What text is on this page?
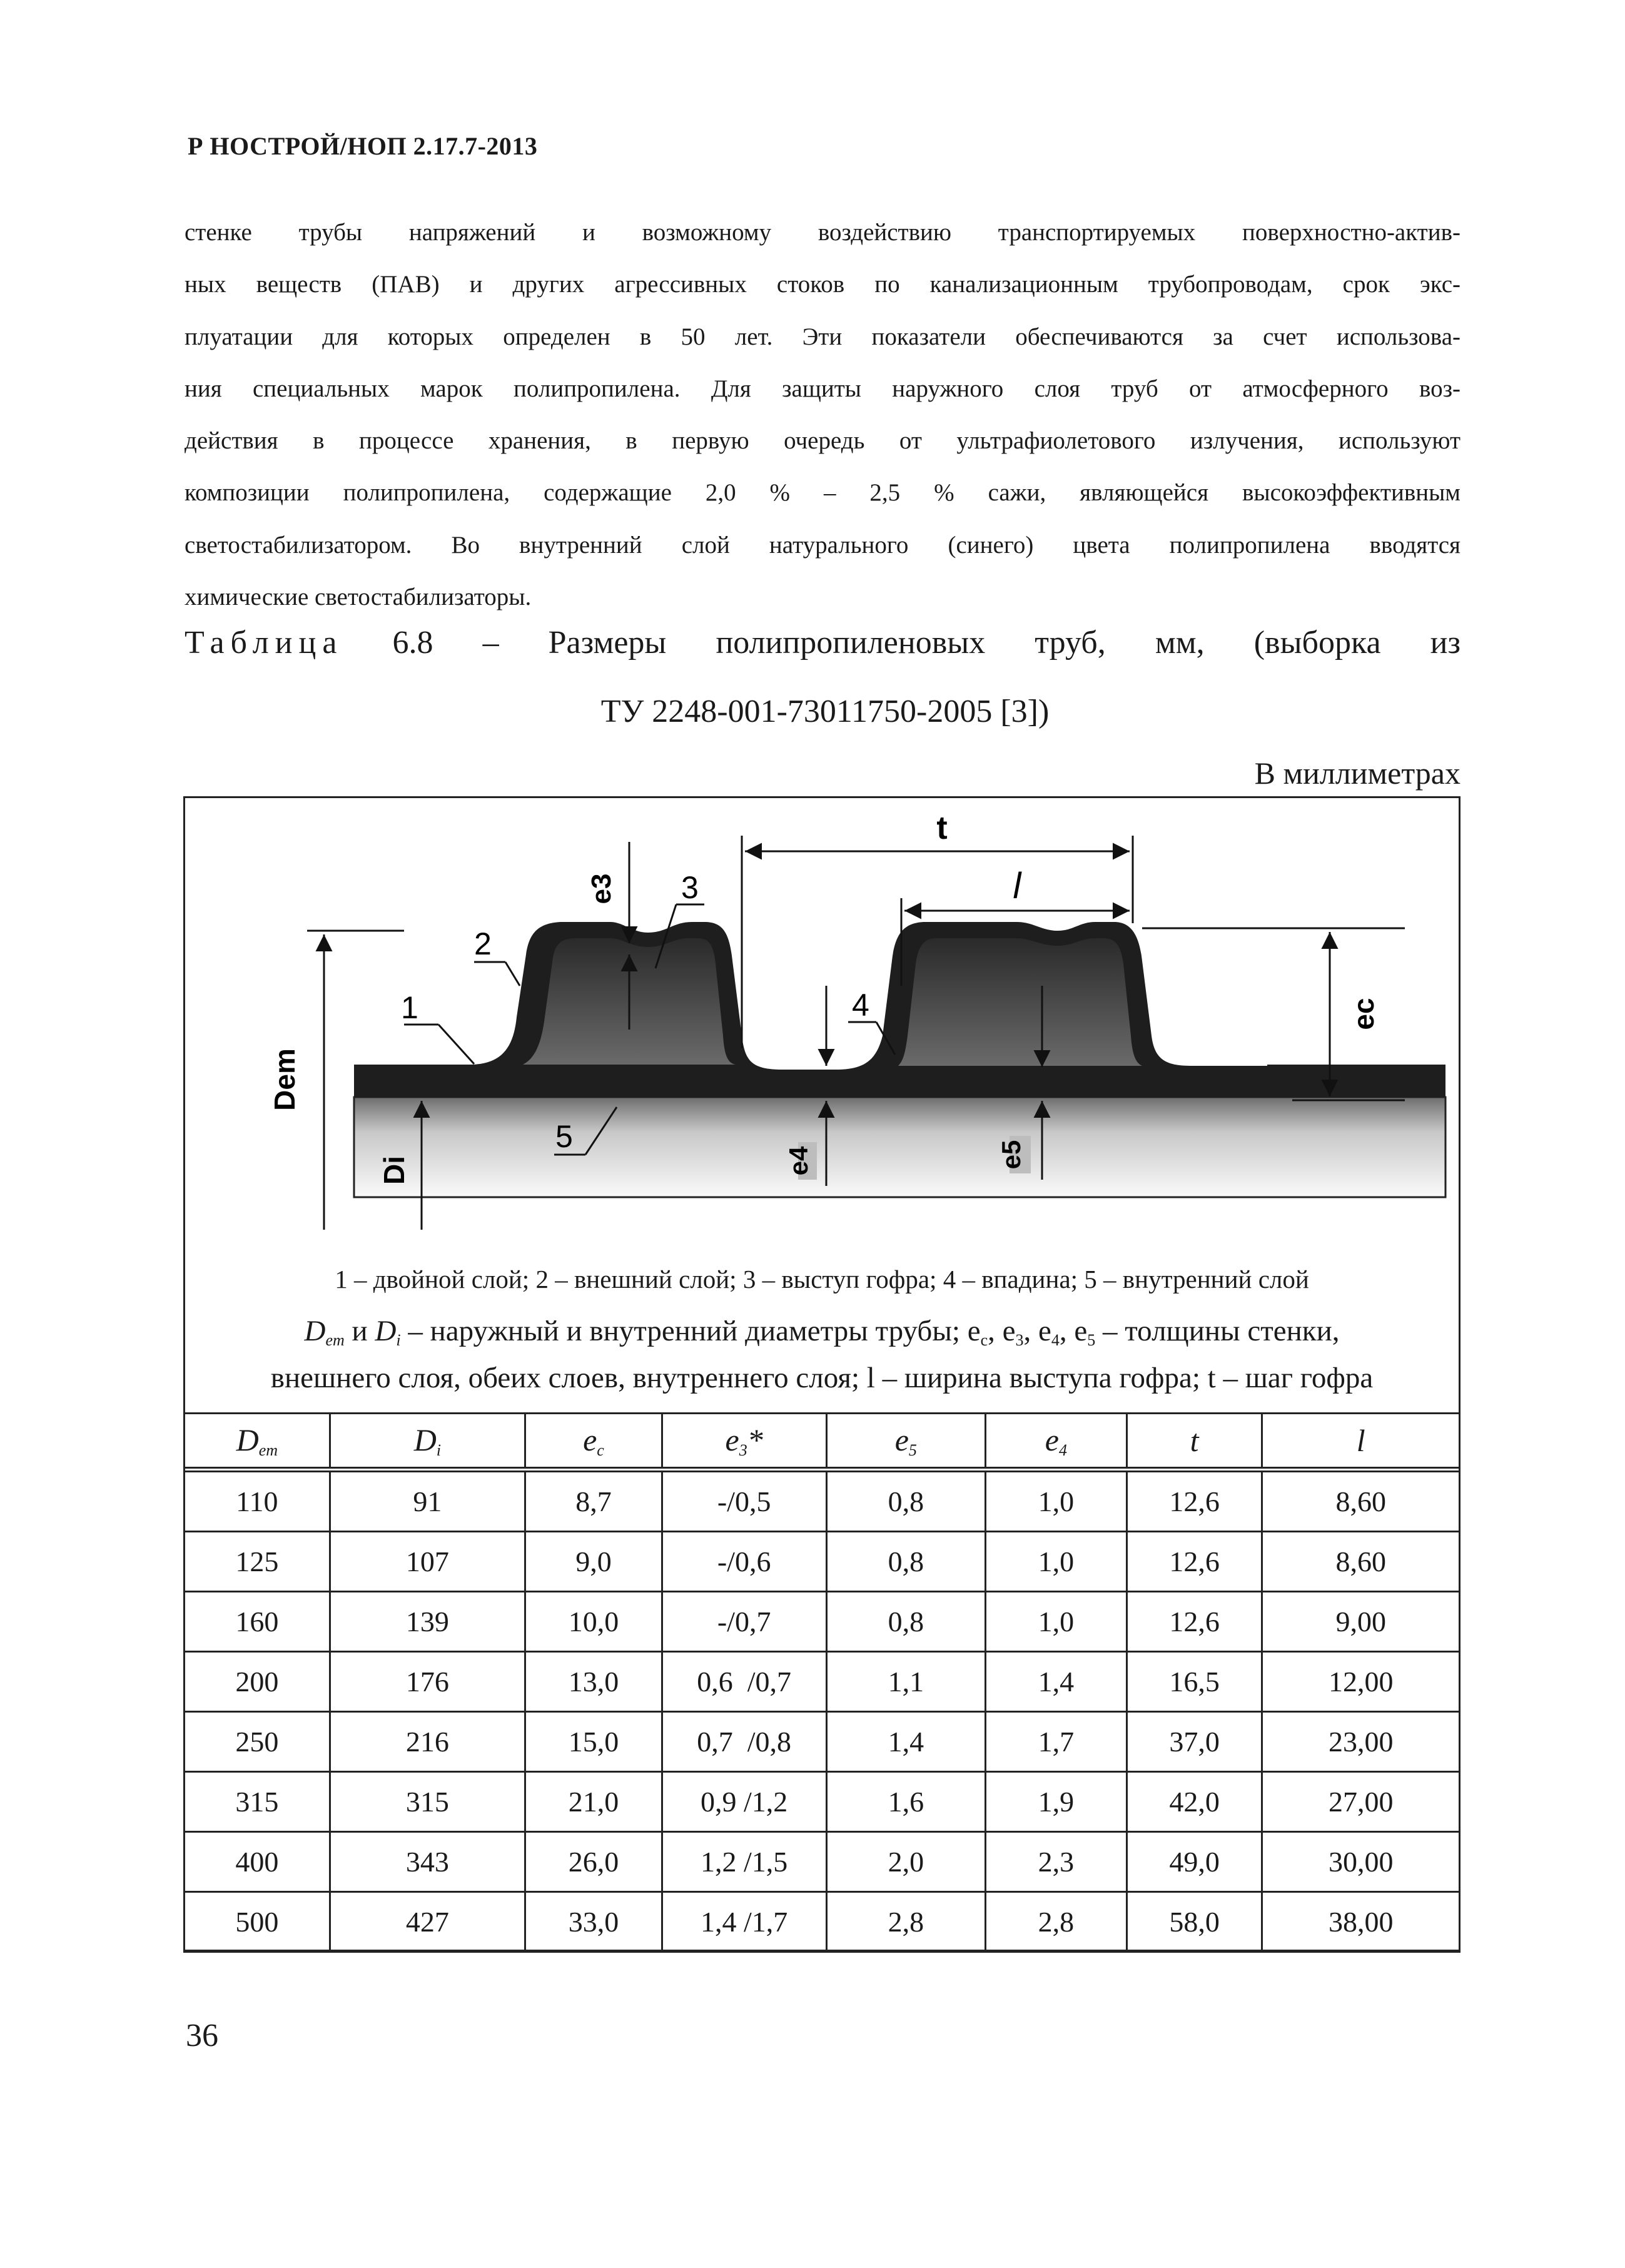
Р НОСТРОЙ/НОП 2.17.7-2013
стенке трубы напряжений и возможному воздействию транспортируемых поверхностно-актив-
ных веществ (ПАВ) и других агрессивных стоков по канализационным трубопроводам, срок экс-
плуатации для которых определен в 50 лет. Эти показатели обеспечиваются за счет использова-
ния специальных марок полипропилена. Для защиты наружного слоя труб от атмосферного воз-
действия в процессе хранения, в первую очередь от ультрафиолетового излучения, используют
композиции полипропилена, содержащие 2,0 % – 2,5 % сажи, являющейся высокоэффективным
светостабилизатором. Во внутренний слой натурального (синего) цвета полипропилена вводятся
химические светостабилизаторы.
Таблица 6.8 – Размеры полипропиленовых труб, мм, (выборка из
ТУ 2248-001-73011750-2005 [3])
В миллиметрах
t
l
ec
Dem
Di
e3
e4	e5
1
2
3
4
5
1 – двойной слой; 2 – внешний слой; 3 – выступ гофра; 4 – впадина; 5 – внутренний слой
$D_{em}$ и $D_i$ – наружный и внутренний диаметры трубы; $e_c$, $e_3$, $e_4$, $e_5$ – толщины стенки,
внешнего слоя, обеих слоев, внутреннего слоя; l – ширина выступа гофра; t – шаг гофра
$D_{em}$	$D_i$	$e_c$	$e_3*$	$e_5$	$e_4$	t	l
110	91	8,7	-/0,5	0,8	1,0	12,6	8,60
125	107	9,0	-/0,6	0,8	1,0	12,6	8,60
160	139	10,0	-/0,7	0,8	1,0	12,6	9,00
200	176	13,0	0,6  /0,7	1,1	1,4	16,5	12,00
250	216	15,0	0,7  /0,8	1,4	1,7	37,0	23,00
315	315	21,0	0,9 /1,2	1,6	1,9	42,0	27,00
400	343	26,0	1,2 /1,5	2,0	2,3	49,0	30,00
500	427	33,0	1,4 /1,7	2,8	2,8	58,0	38,00
36
